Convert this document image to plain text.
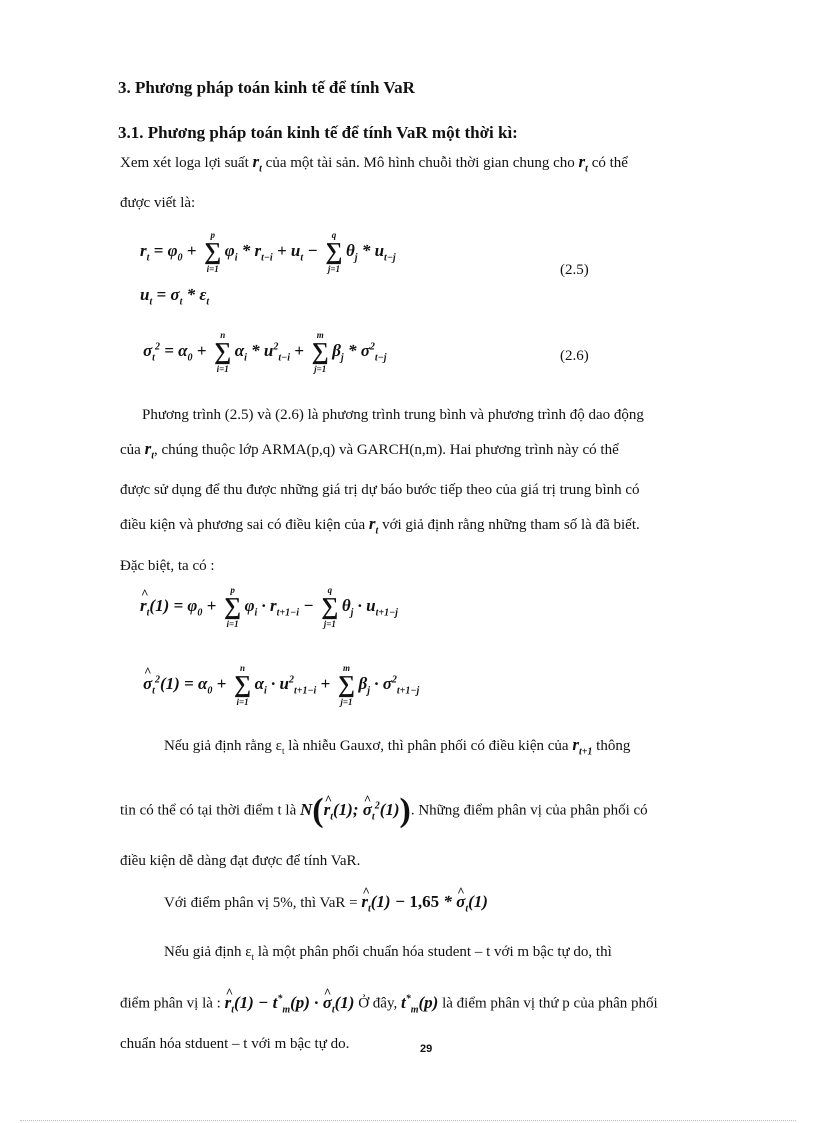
3. Phương pháp toán kinh tế để tính VaR
3.1. Phương pháp toán kinh tế để tính VaR một thời kì:
Xem xét loga lợi suất $r_t$ của một tài sản. Mô hình chuỗi thời gian chung cho $r_t$ có thể
được viết là:
$r_t = \varphi_0$ +
p
∑
i=1
$\varphi_i * r_{t-i} + u_t$ −
q
∑
j=1
$\theta_j * u_{t-j}$
(2.5)
$u_t = \sigma_t * \varepsilon_t$
$\sigma_t^2 = \alpha_0$ +
n
∑
i=1
$\alpha_i * u^2_{t-i}$ +
m
∑
j=1
$\beta_j * \sigma^2_{t-j}$	(2.6)
Phương trình (2.5) và (2.6) là phương trình trung bình và phương trình độ dao động
của $r_t$, chúng thuộc lớp ARMA(p,q) và GARCH(n,m). Hai phương trình này có thể
được sử dụng để thu được những giá trị dự báo bước tiếp theo của giá trị trung bình có
điều kiện và phương sai có điều kiện của $r_t$ với giả định rằng những tham số là đã biết.
Đặc biệt, ta có :
^ $r_t(1) = \varphi_0$ +
p
∑
i=1
$\varphi_i \cdot r_{t+1-i}$ −
q
∑
j=1
$\theta_j \cdot u_{t+1-j}$
^ $\sigma_t^2(1) = \alpha_0$ +
n
∑
i=1
$\alpha_i \cdot u^2_{t+1-i}$ +
m
∑
j=1
$\beta_j \cdot \sigma^2_{t+1-j}$
Nếu giả định rằng $\varepsilon_t$ là nhiễu Gauxơ, thì phân phối có điều kiện của $r_{t+1}$ thông
tin có thể có tại thời điểm t là N(^ $r_t(1)$; ^ $\sigma_t^2(1)$). Những điểm phân vị của phân phối có
điều kiện dễ dàng đạt được để tính VaR.
Với điểm phân vị 5%, thì VaR = ^ $r_t(1) - 1,65$ * ^ $\sigma_t(1)$
Nếu giả định $\varepsilon_t$ là một phân phối chuẩn hóa student – t với m bậc tự do, thì
điểm phân vị là : ^ $r_t(1) - t^*_m(p)$ · ^ $\sigma_t(1)$ Ở đây, $t^*_m(p)$ là điểm phân vị thứ p của phân phối
chuẩn hóa stduent – t với m bậc tự do.	29
